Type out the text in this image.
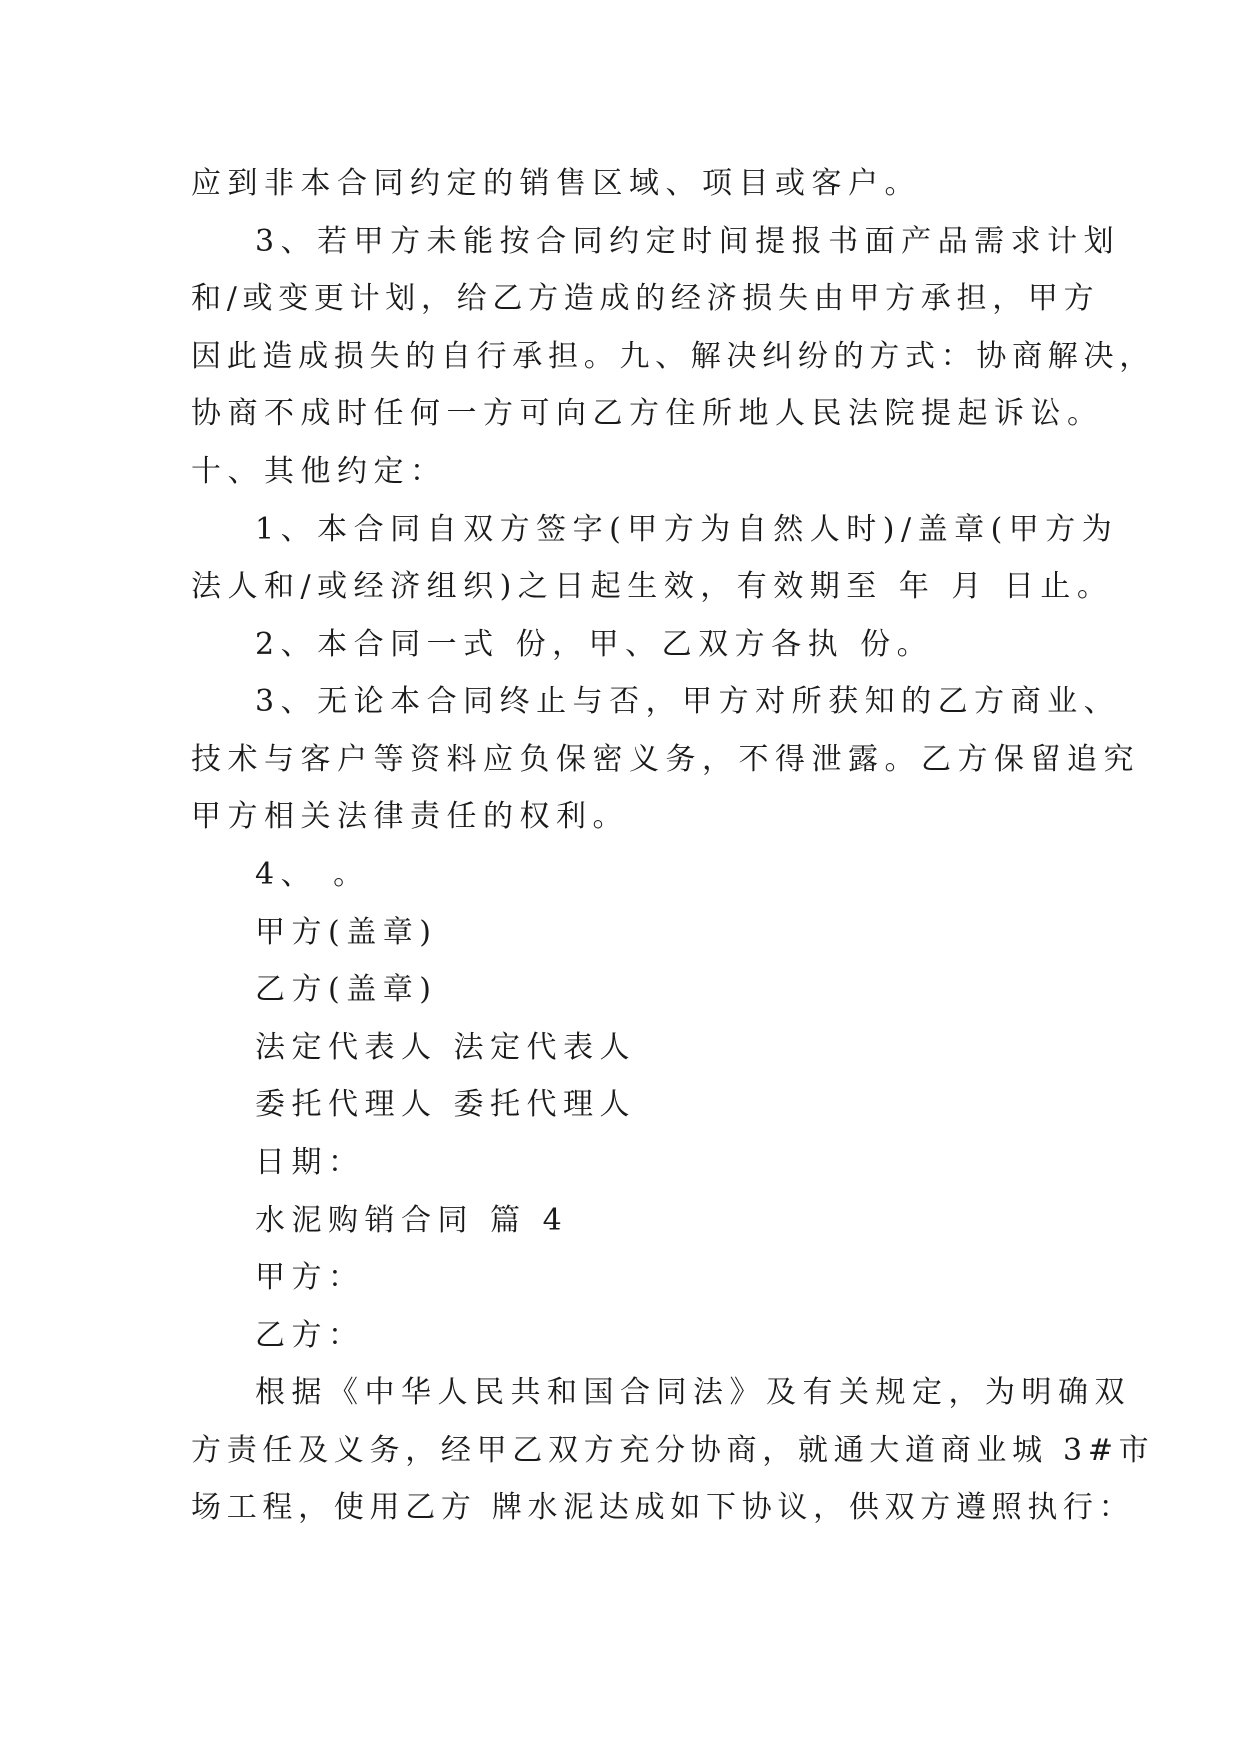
应到非本合同约定的销售区域、项目或客户。
3、若甲方未能按合同约定时间提报书面产品需求计划
和/或变更计划，给乙方造成的经济损失由甲方承担，甲方
因此造成损失的自行承担。九、解决纠纷的方式：协商解决，
协商不成时任何一方可向乙方住所地人民法院提起诉讼。
十、其他约定：
1、本合同自双方签字(甲方为自然人时)/盖章(甲方为
法人和/或经济组织)之日起生效，有效期至 年 月 日止。
2、本合同一式 份，甲、乙双方各执 份。
3、无论本合同终止与否，甲方对所获知的乙方商业、
技术与客户等资料应负保密义务，不得泄露。乙方保留追究
甲方相关法律责任的权利。
4、 。
甲方(盖章)
乙方(盖章)
法定代表人 法定代表人
委托代理人 委托代理人
日期：
水泥购销合同 篇 4
甲方：
乙方：
根据《中华人民共和国合同法》及有关规定，为明确双
方责任及义务，经甲乙双方充分协商，就通大道商业城 3#市
场工程，使用乙方 牌水泥达成如下协议，供双方遵照执行：
